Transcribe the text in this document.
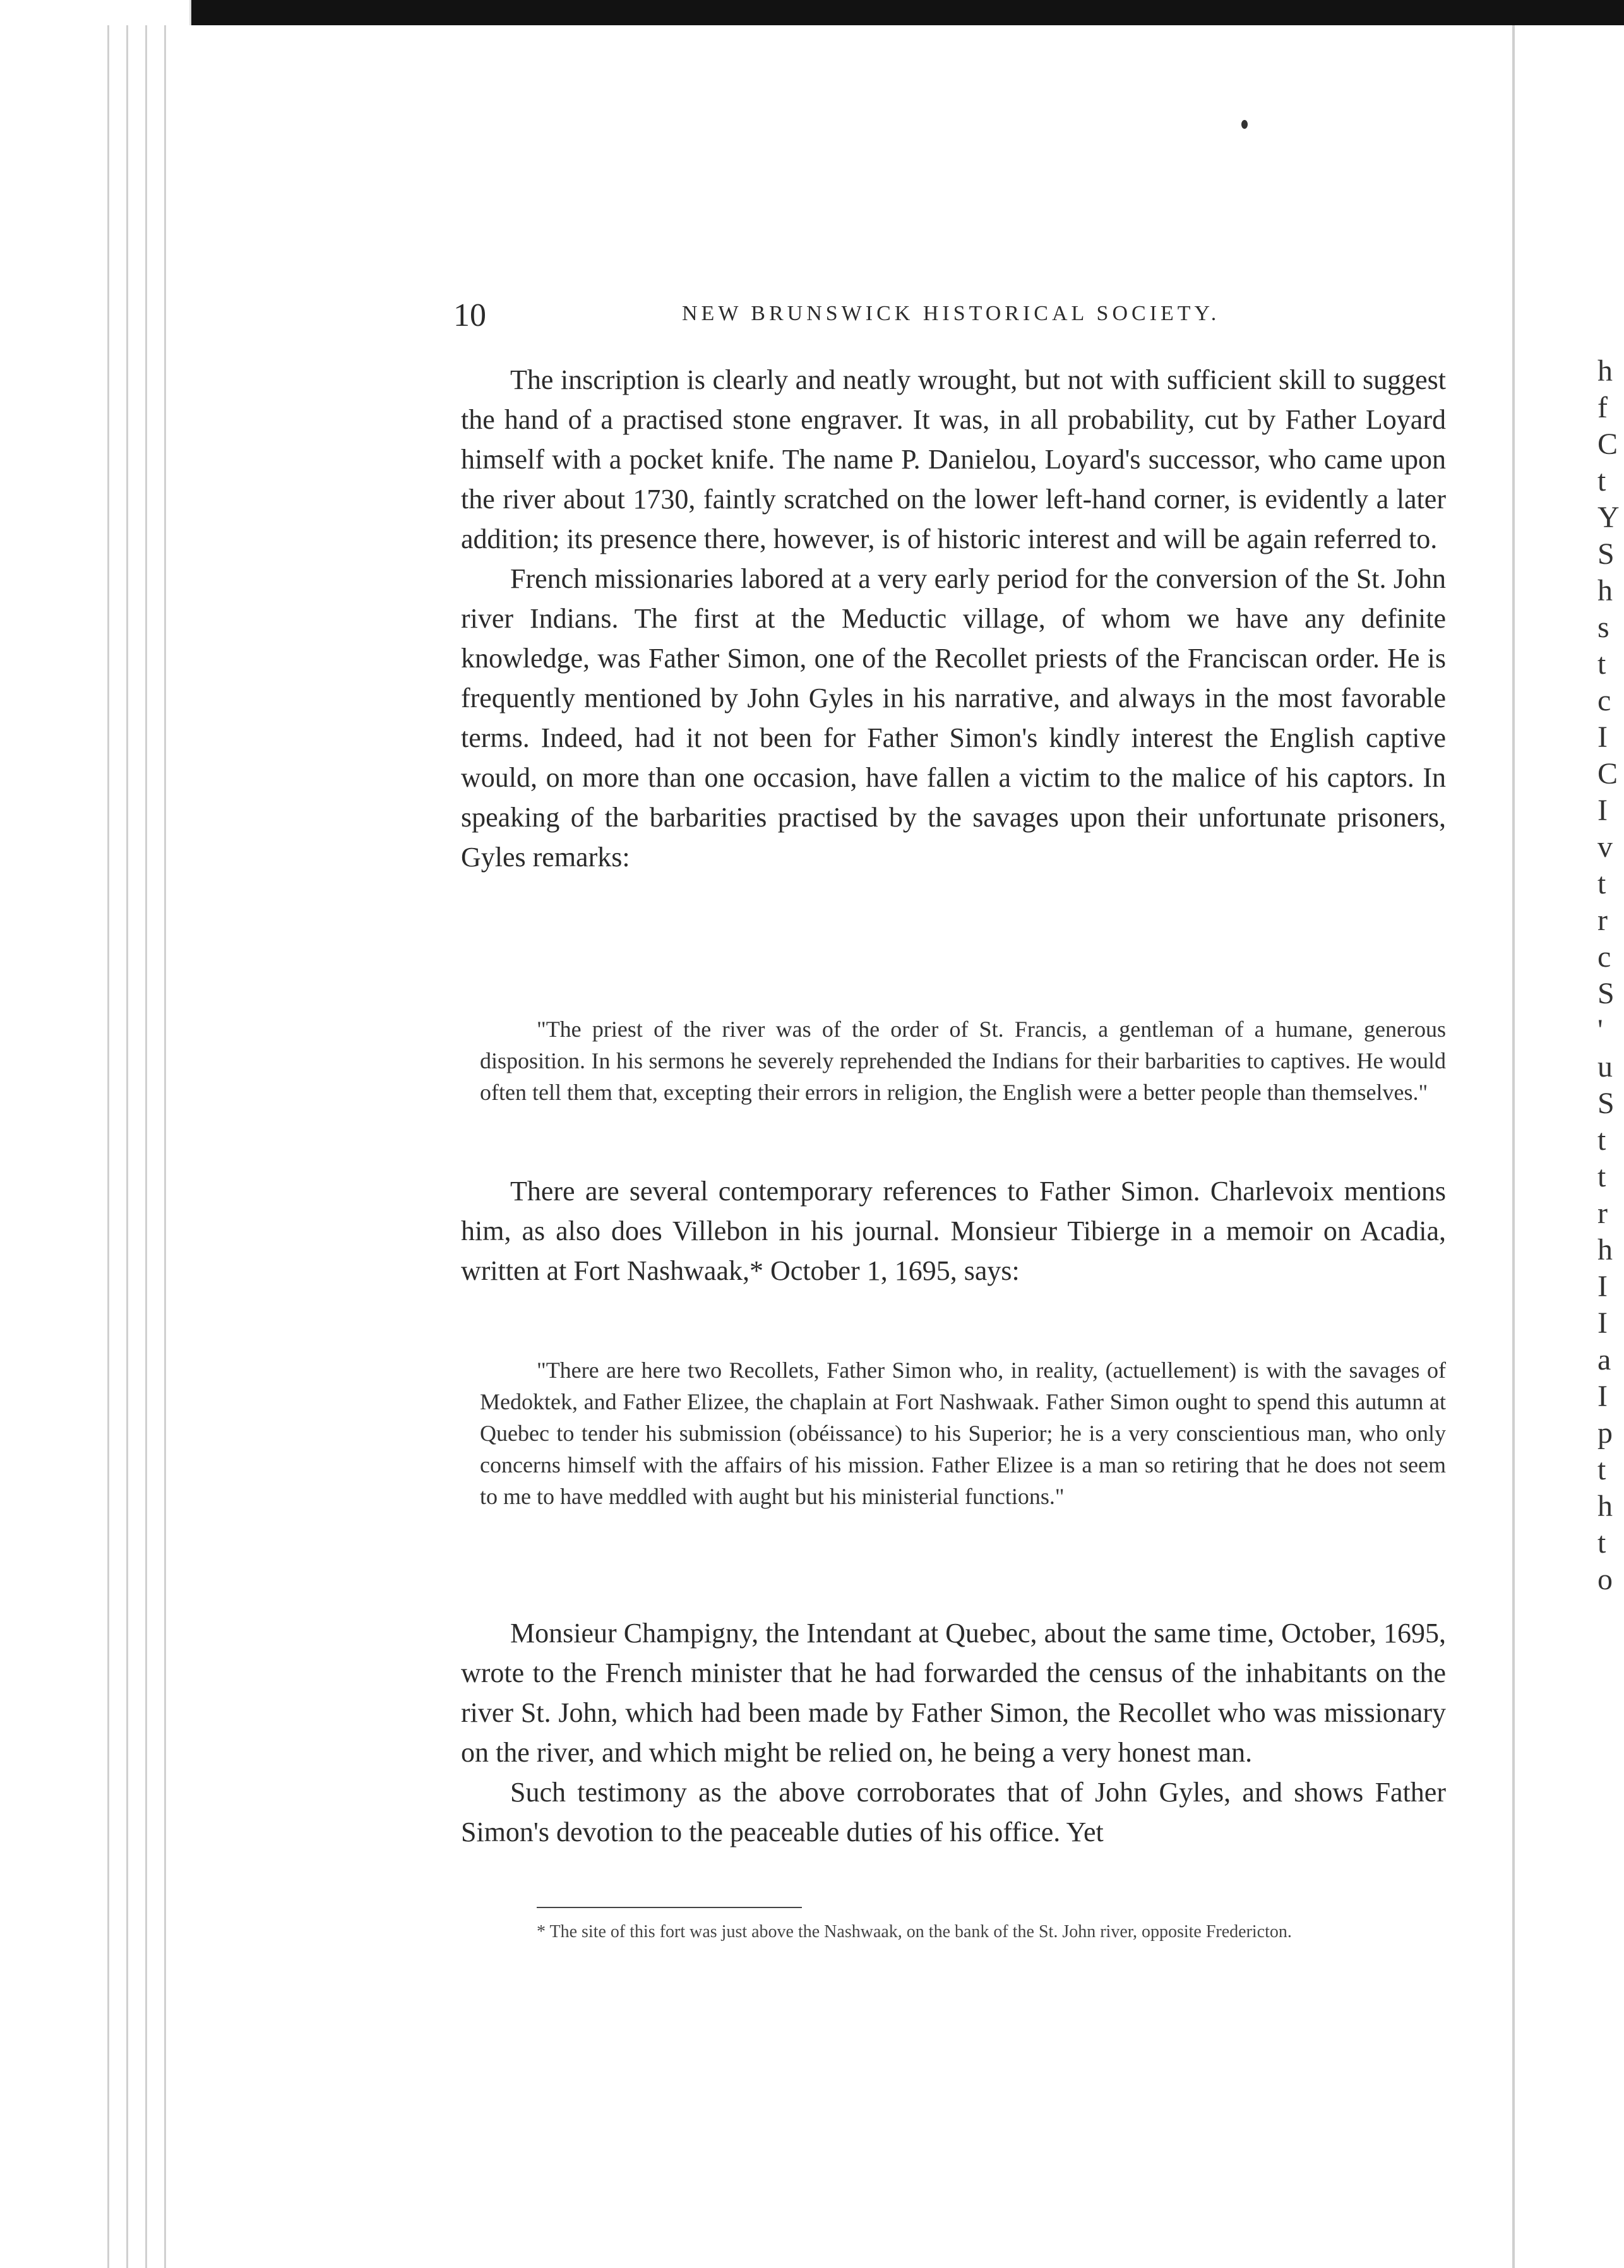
10	NEW BRUNSWICK HISTORICAL SOCIETY.

The inscription is clearly and neatly wrought, but not with sufficient skill to suggest the hand of a practised stone engraver. It was, in all probability, cut by Father Loyard himself with a pocket knife. The name P. Danielou, Loyard's successor, who came upon the river about 1730, faintly scratched on the lower left-hand corner, is evidently a later addition; its presence there, however, is of historic interest and will be again referred to.

French missionaries labored at a very early period for the conversion of the St. John river Indians. The first at the Meductic village, of whom we have any definite knowledge, was Father Simon, one of the Recollet priests of the Franciscan order. He is frequently mentioned by John Gyles in his narrative, and always in the most favorable terms. Indeed, had it not been for Father Simon's kindly interest the English captive would, on more than one occasion, have fallen a victim to the malice of his captors. In speaking of the barbarities practised by the savages upon their unfortunate prisoners, Gyles remarks:

"The priest of the river was of the order of St. Francis, a gentleman of a humane, generous disposition. In his sermons he severely reprehended the Indians for their barbarities to captives. He would often tell them that, excepting their errors in religion, the English were a better people than themselves."

There are several contemporary references to Father Simon. Charlevoix mentions him, as also does Villebon in his journal. Monsieur Tibierge in a memoir on Acadia, written at Fort Nashwaak,* October 1, 1695, says:

"There are here two Recollets, Father Simon who, in reality, (actuellement) is with the savages of Medoktek, and Father Elizee, the chaplain at Fort Nashwaak. Father Simon ought to spend this autumn at Quebec to tender his submission (obéissance) to his Superior; he is a very conscientious man, who only concerns himself with the affairs of his mission. Father Elizee is a man so retiring that he does not seem to me to have meddled with aught but his ministerial functions."

Monsieur Champigny, the Intendant at Quebec, about the same time, October, 1695, wrote to the French minister that he had forwarded the census of the inhabitants on the river St. John, which had been made by Father Simon, the Recollet who was missionary on the river, and which might be relied on, he being a very honest man.

Such testimony as the above corroborates that of John Gyles, and shows Father Simon's devotion to the peaceable duties of his office. Yet

* The site of this fort was just above the Nashwaak, on the bank of the St. John river, opposite Fredericton.
h
f
C
t
Y
S
h
s
t
c
I
C
I
v
t
r
c
S
'
u
S
t
t
r
h
I
I
a
I
p
t
h
t
o
